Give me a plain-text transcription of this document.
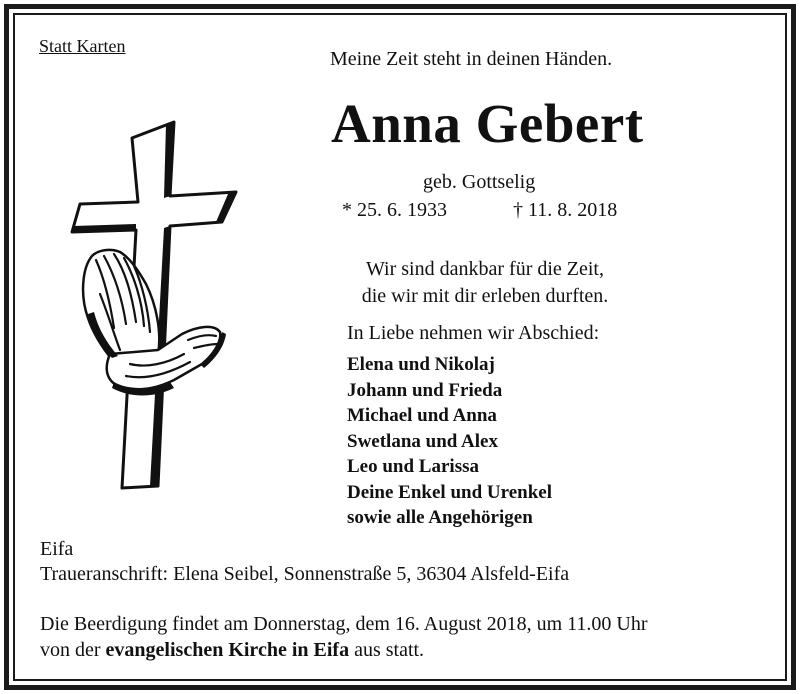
Statt Karten
Meine Zeit steht in deinen Händen.
Anna Gebert
geb. Gottselig
* 25. 6. 1933	† 11. 8. 2018
Wir sind dankbar für die Zeit,
die wir mit dir erleben durften.
In Liebe nehmen wir Abschied:
Elena und Nikolaj
Johann und Frieda
Michael und Anna
Swetlana und Alex
Leo und Larissa
Deine Enkel und Urenkel
sowie alle Angehörigen
Eifa
Traueranschrift: Elena Seibel, Sonnenstraße 5, 36304 Alsfeld-Eifa
Die Beerdigung findet am Donnerstag, dem 16. August 2018, um 11.00 Uhr
von der evangelischen Kirche in Eifa aus statt.
